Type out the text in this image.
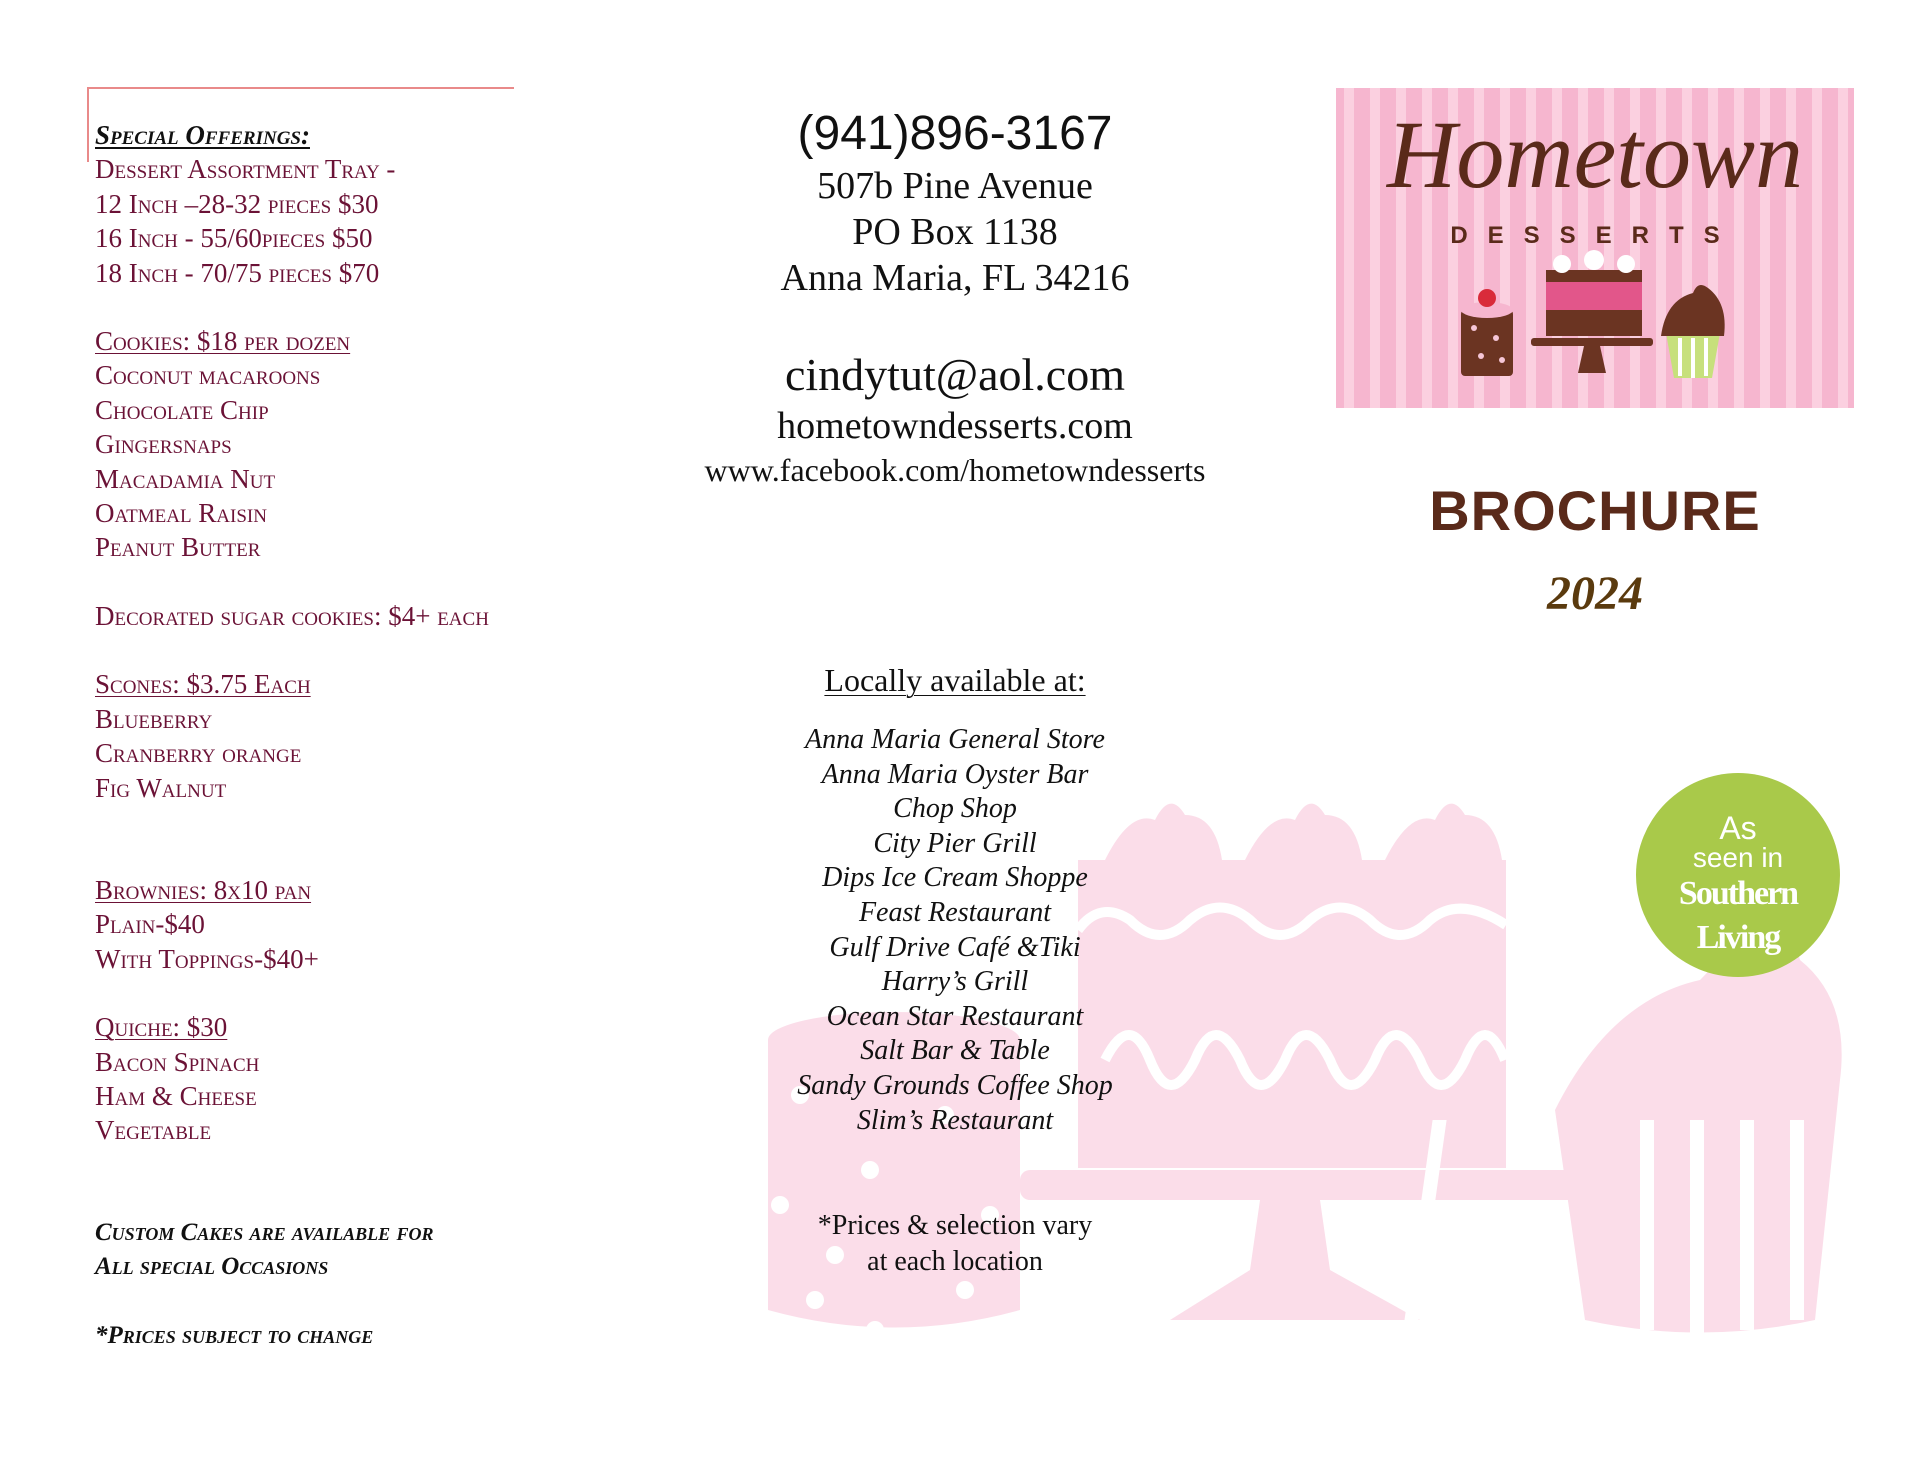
As
seen in
Southern Living
Special Offerings:
Dessert Assortment Tray -
12 Inch –28-32 pieces $30
16 Inch - 55/60pieces $50
18 Inch - 70/75 pieces $70
Cookies: $18 per dozen
Coconut macaroons
Chocolate Chip
Gingersnaps
Macadamia Nut
Oatmeal Raisin
Peanut Butter
Decorated sugar cookies: $4+ each
Scones: $3.75 Each
Blueberry
Cranberry orange
Fig Walnut
Brownies: 8x10 pan
Plain-$40
With Toppings-$40+
Quiche: $30
Bacon Spinach
Ham & Cheese
Vegetable
Custom Cakes are available for
All special Occasions
*Prices subject to change
(941)896-3167
507b Pine Avenue
PO Box 1138
Anna Maria, FL 34216
cindytut@aol.com
hometowndesserts.com
www.facebook.com/hometowndesserts
Locally available at:
Anna Maria General Store
Anna Maria Oyster Bar
Chop Shop
City Pier Grill
Dips Ice Cream Shoppe
Feast Restaurant
Gulf Drive Café &Tiki
Harry’s Grill
Ocean Star Restaurant
Salt Bar & Table
Sandy Grounds Coffee Shop
Slim’s Restaurant
*Prices & selection vary
at each location
Hometown
DESSERTS
BROCHURE
2024
